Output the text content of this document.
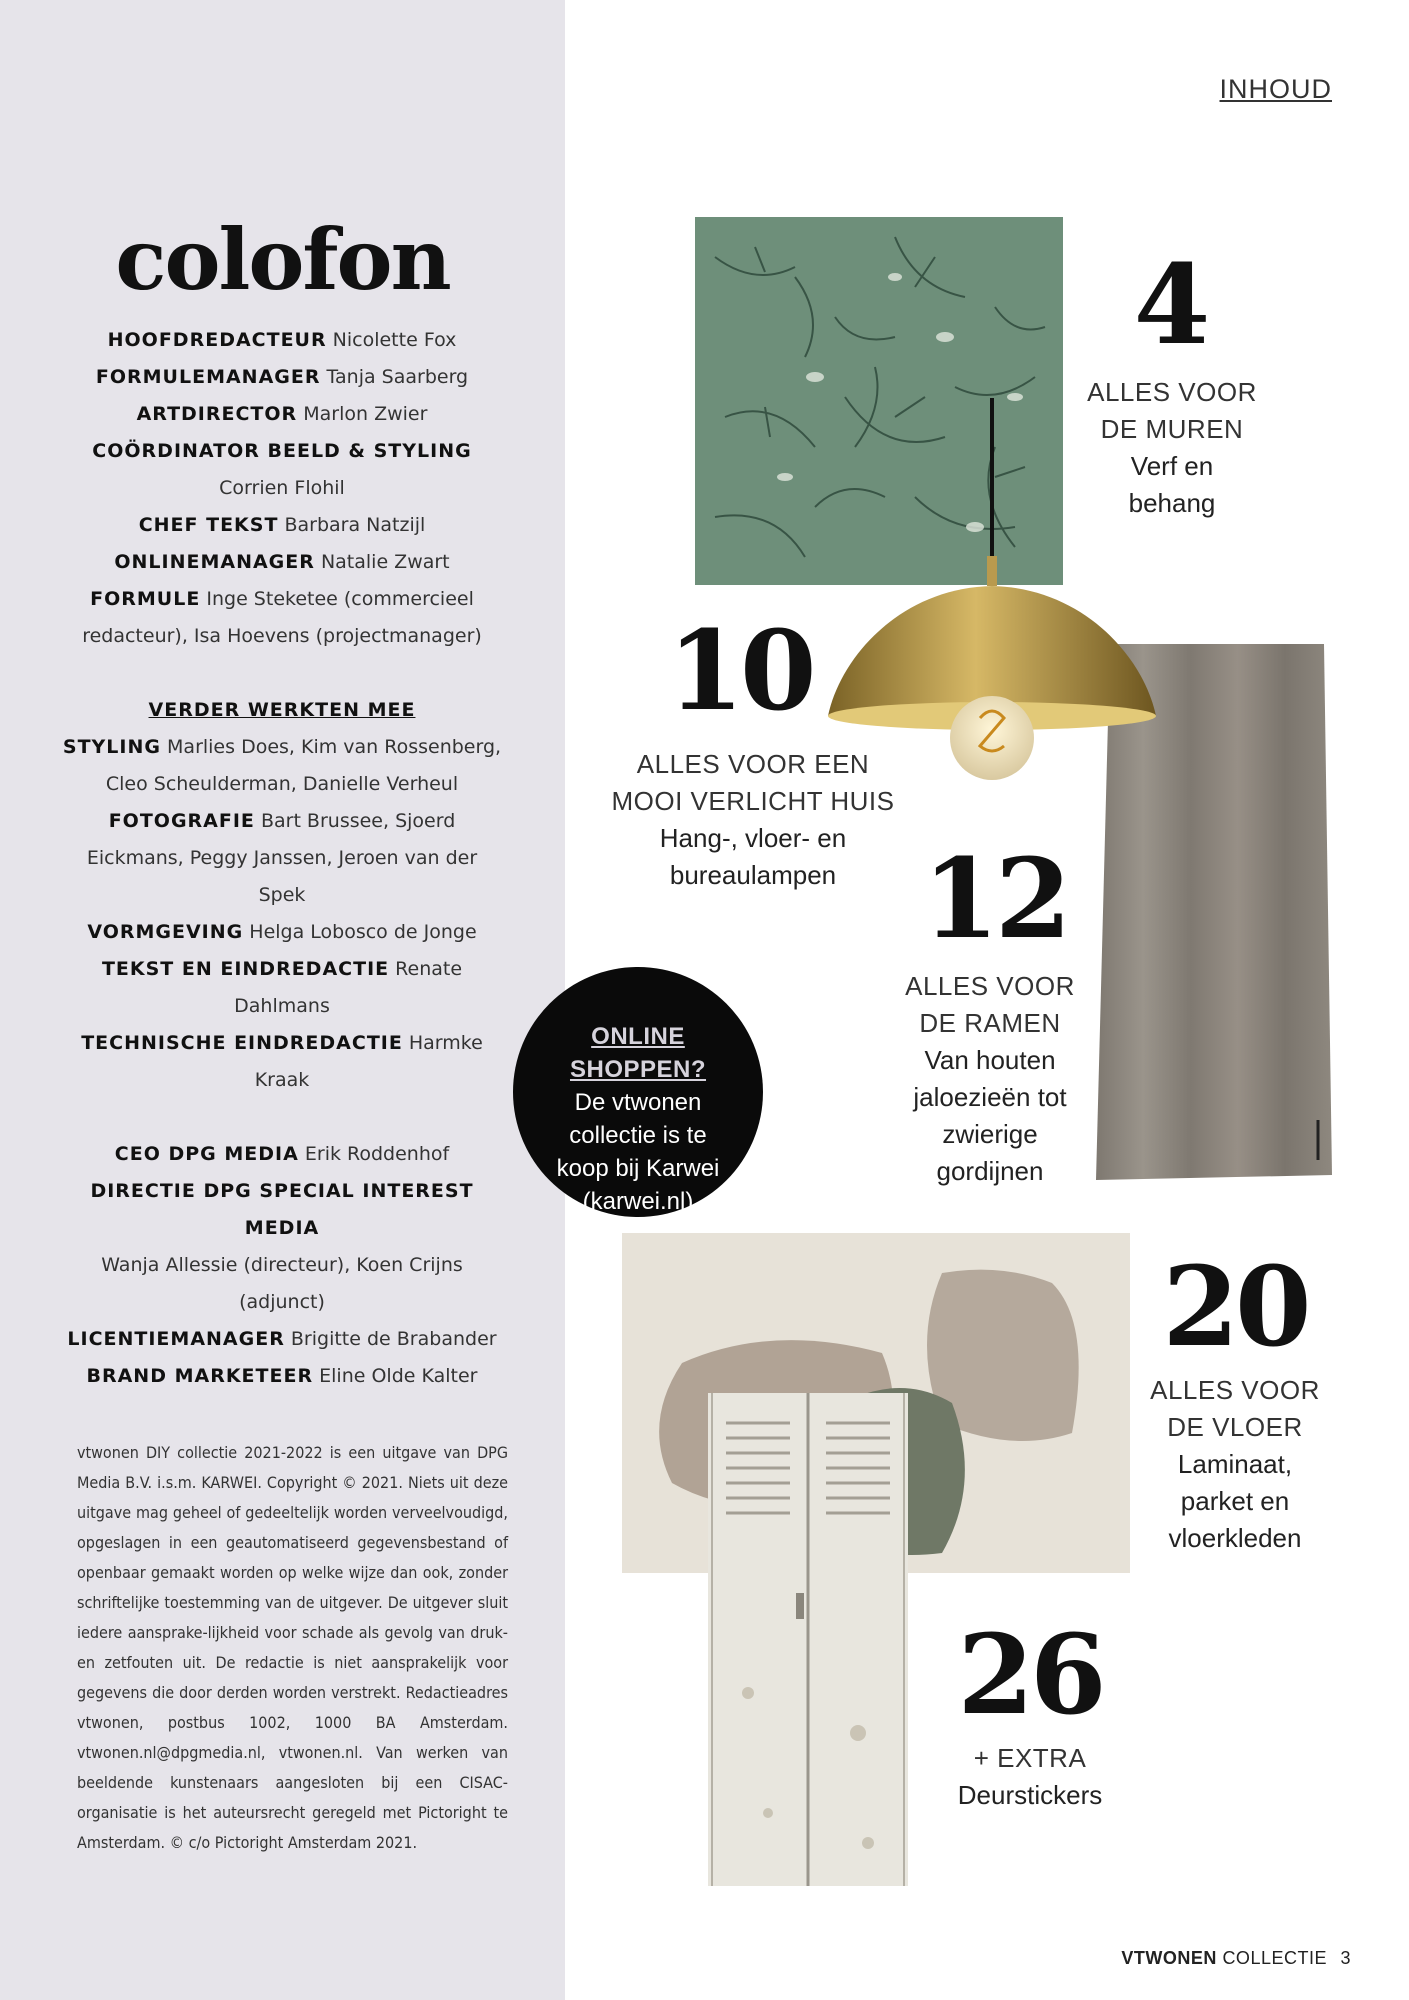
colofon
HOOFDREDACTEUR Nicolette Fox
FORMULEMANAGER Tanja Saarberg
ARTDIRECTOR Marlon Zwier
COÖRDINATOR BEELD & STYLING
Corrien Flohil
CHEF TEKST Barbara Natzijl
ONLINEMANAGER Natalie Zwart
FORMULE Inge Steketee (commercieel redacteur), Isa Hoevens (projectmanager)
VERDER WERKTEN MEE
STYLING Marlies Does, Kim van Rossenberg, Cleo Scheulderman, Danielle Verheul
FOTOGRAFIE Bart Brussee, Sjoerd Eickmans, Peggy Janssen, Jeroen van der Spek
VORMGEVING Helga Lobosco de Jonge
TEKST EN EINDREDACTIE Renate Dahlmans
TECHNISCHE EINDREDACTIE Harmke Kraak
CEO DPG MEDIA Erik Roddenhof
DIRECTIE DPG SPECIAL INTEREST MEDIA
Wanja Allessie (directeur), Koen Crijns (adjunct)
LICENTIEMANAGER Brigitte de Brabander
BRAND MARKETEER Eline Olde Kalter
vtwonen DIY collectie 2021-2022 is een uitgave van DPG Media B.V. i.s.m. KARWEI. Copyright © 2021. Niets uit deze uitgave mag geheel of gedeeltelijk worden verveelvoudigd, opgeslagen in een geautomatiseerd gegevensbestand of openbaar gemaakt worden op welke wijze dan ook, zonder schriftelijke toestemming van de uitgever. De uitgever sluit iedere aansprake-lijkheid voor schade als gevolg van druk- en zetfouten uit. De redactie is niet aansprakelijk voor gegevens die door derden worden verstrekt. Redactieadres vtwonen, postbus 1002, 1000 BA Amsterdam. vtwonen.nl@dpgmedia.nl, vtwonen.nl. Van werken van beeldende kunstenaars aangesloten bij een CISAC-organisatie is het auteursrecht geregeld met Pictoright te Amsterdam. © c/o Pictoright Amsterdam 2021.
INHOUD
4
ALLES VOOR
DE MUREN
Verf en
behang
10
ALLES VOOR EEN
MOOI VERLICHT HUIS
Hang-, vloer- en
bureaulampen 12
ALLES VOOR
DE RAMEN
Van houten
jaloezieën tot
zwierige
gordijnen
20
ALLES VOOR
DE VLOER
Laminaat,
parket en
vloerkleden
26
+ EXTRA
Deurstickers
ONLINE
SHOPPEN?
De vtwonen
collectie is te
koop bij Karwei
(karwei.nl)
VTWONEN COLLECTIE 3
